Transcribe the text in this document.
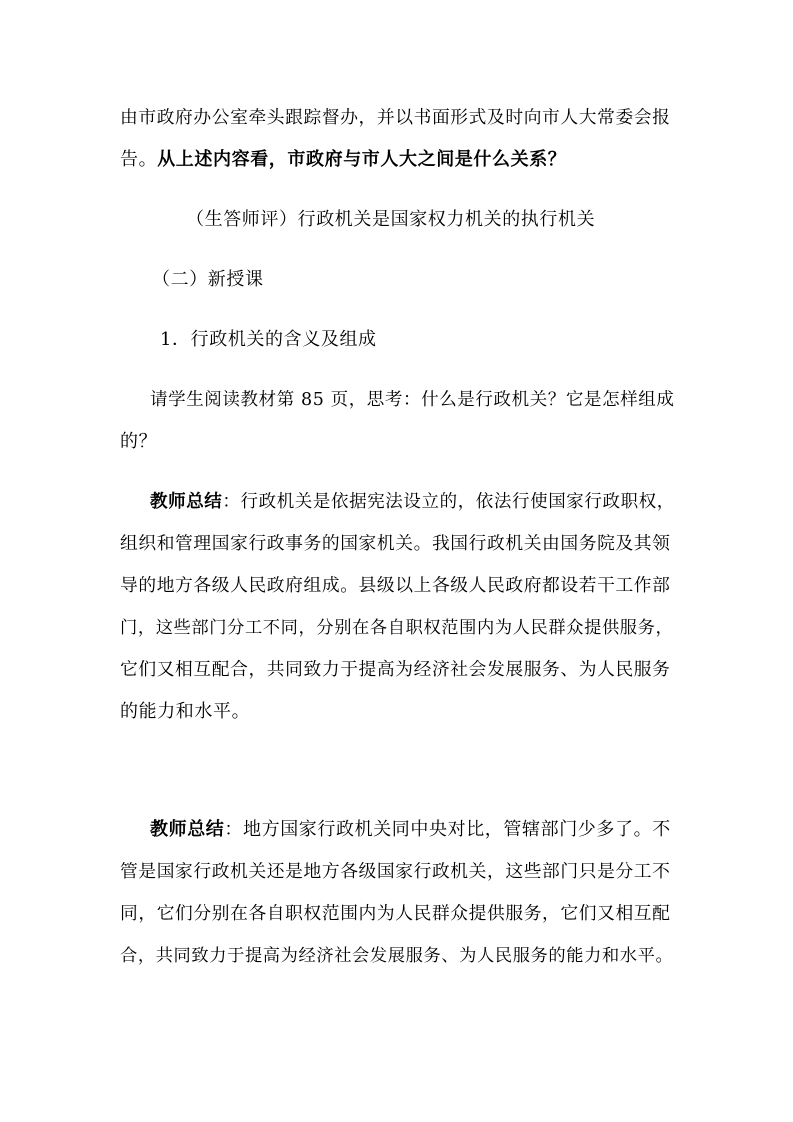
由市政府办公室牵头跟踪督办，并以书面形式及时向市人大常委会报
告。从上述内容看，市政府与市人大之间是什么关系？
（生答师评）行政机关是国家权力机关的执行机关
（二）新授课
1．行政机关的含义及组成
请学生阅读教材第 85 页，思考：什么是行政机关？它是怎样组成
的？
教师总结：行政机关是依据宪法设立的，依法行使国家行政职权，
组织和管理国家行政事务的国家机关。我国行政机关由国务院及其领
导的地方各级人民政府组成。县级以上各级人民政府都设若干工作部
门，这些部门分工不同，分别在各自职权范围内为人民群众提供服务，
它们又相互配合，共同致力于提高为经济社会发展服务、为人民服务
的能力和水平。
教师总结：地方国家行政机关同中央对比，管辖部门少多了。不
管是国家行政机关还是地方各级国家行政机关，这些部门只是分工不
同，它们分别在各自职权范围内为人民群众提供服务，它们又相互配
合，共同致力于提高为经济社会发展服务、为人民服务的能力和水平。
